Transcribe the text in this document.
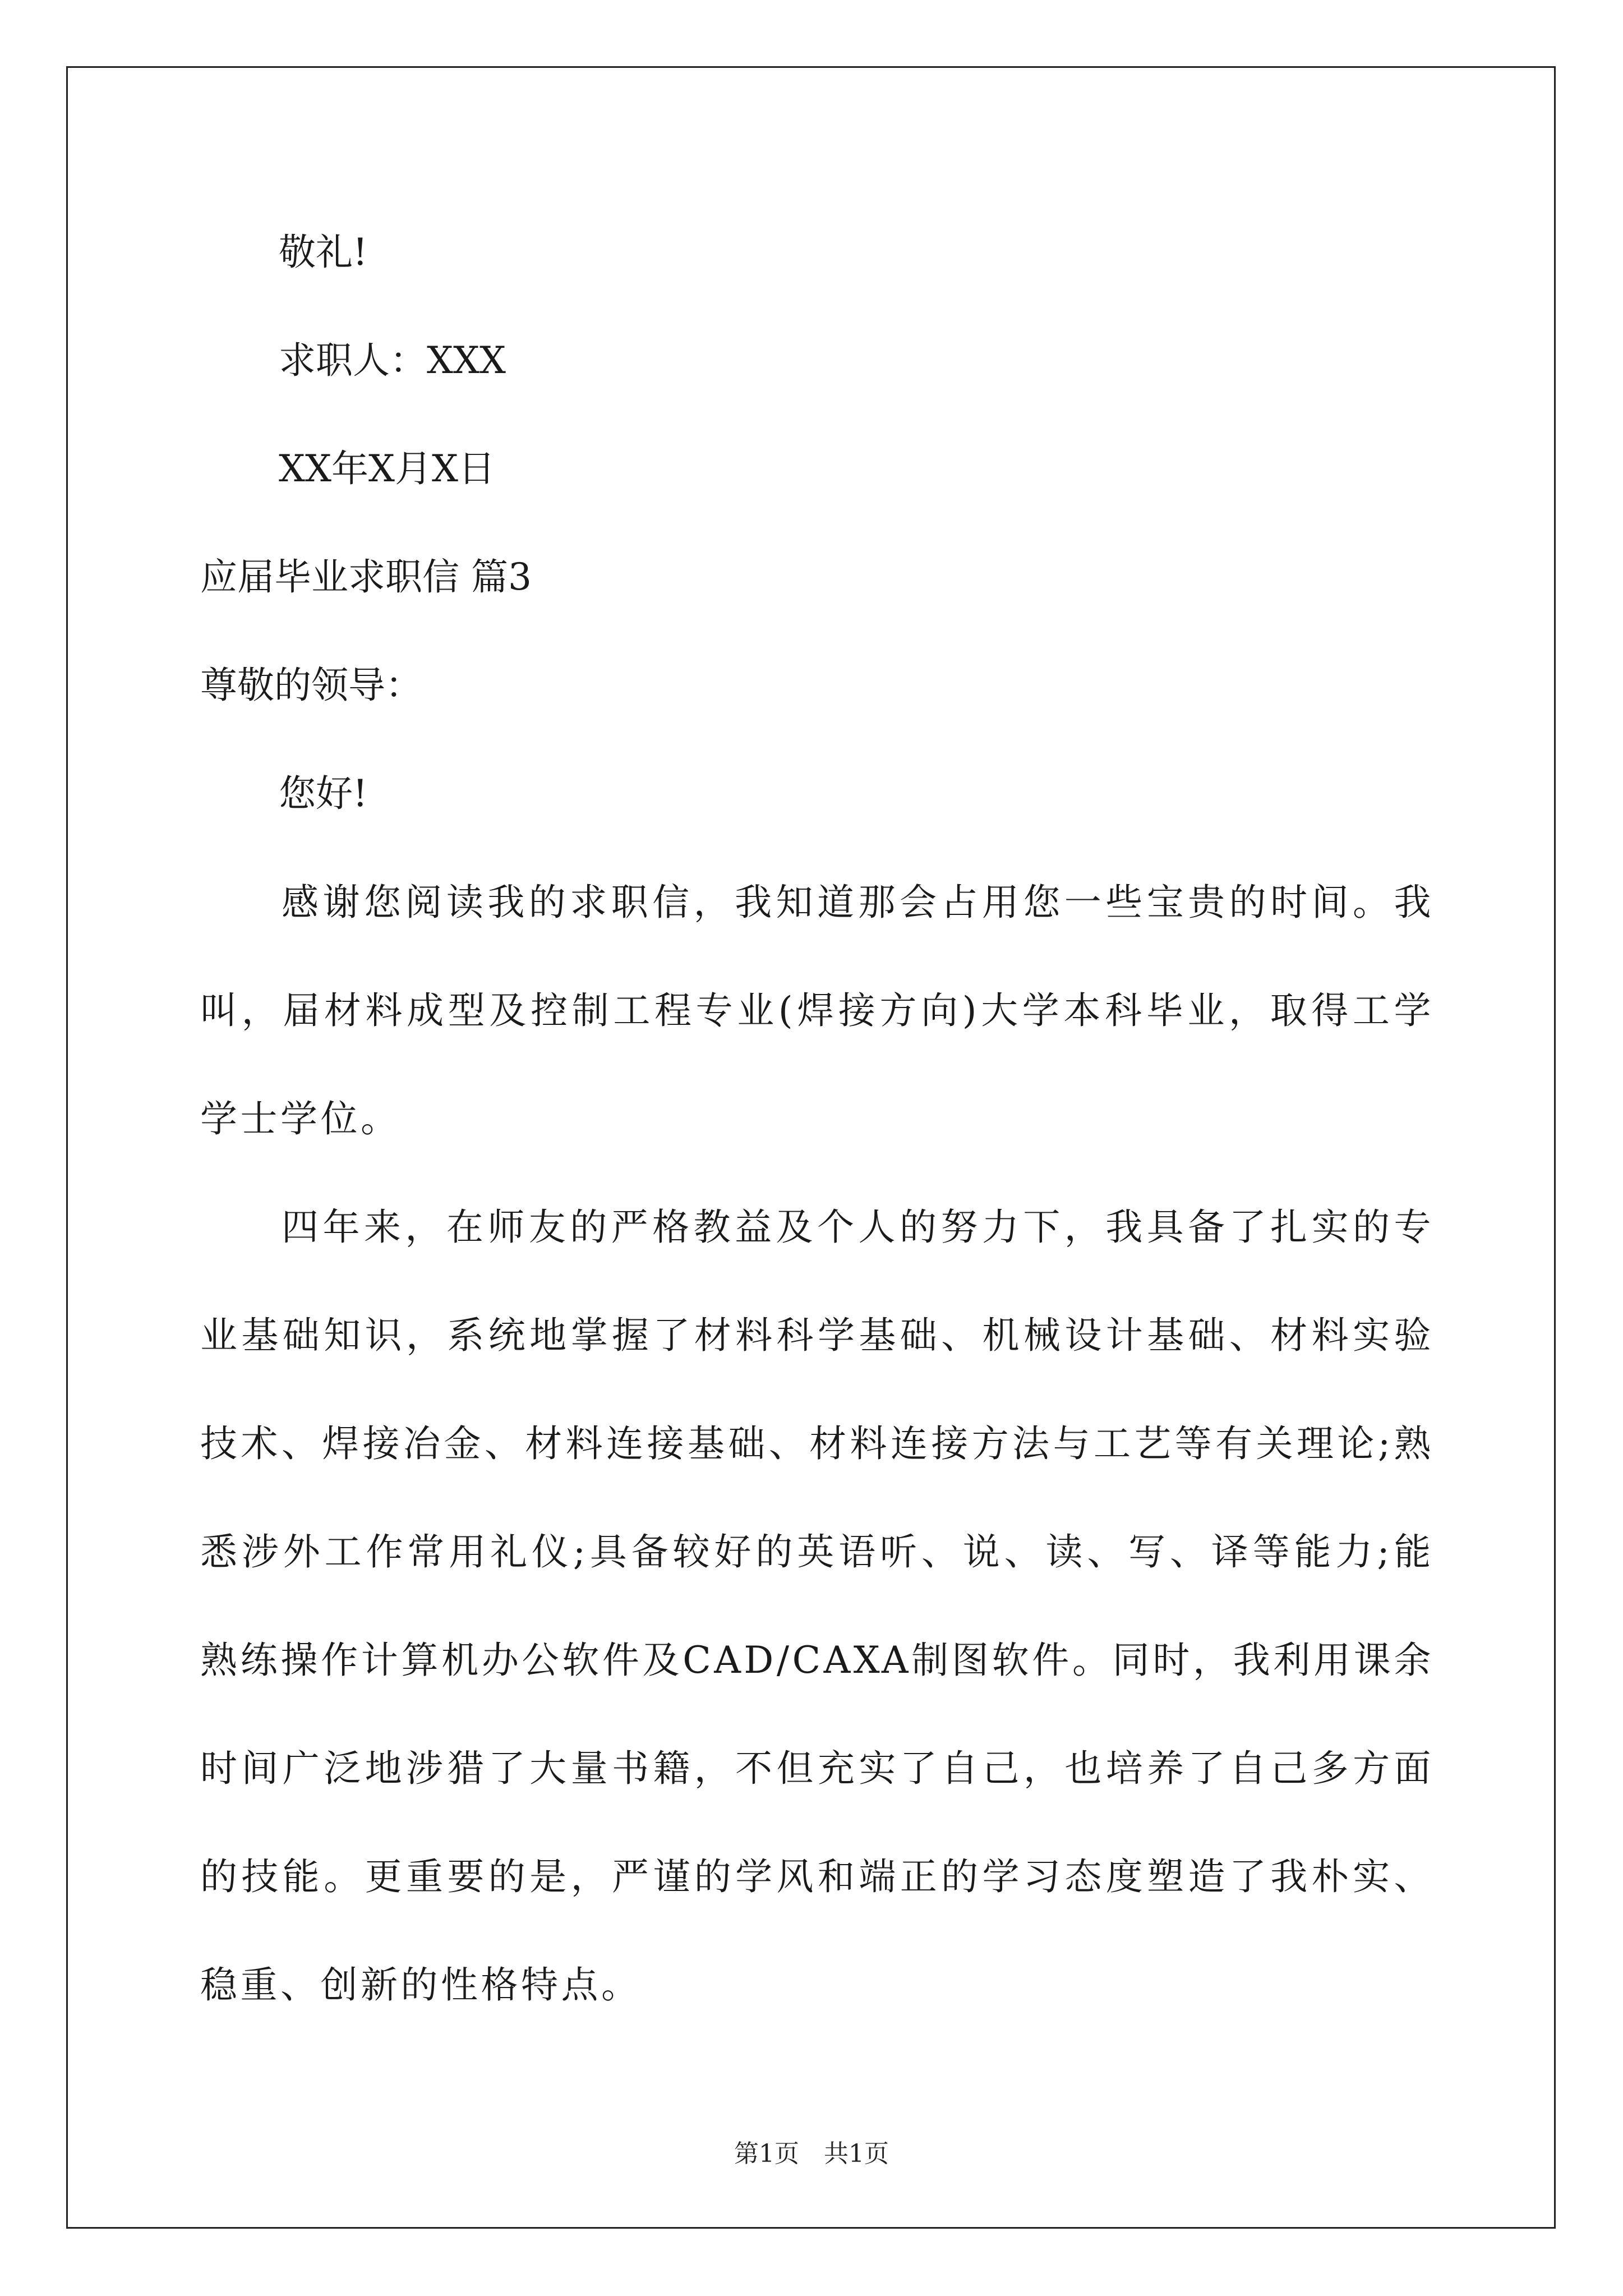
敬礼!
求职人：XXX
XX年X月X日
应届毕业求职信 篇3
尊敬的领导：
您好!
感谢您阅读我的求职信，我知道那会占用您一些宝贵的时间。我叫，届材料成型及控制工程专业(焊接方向)大学本科毕业，取得工学学士学位。
四年来，在师友的严格教益及个人的努力下，我具备了扎实的专业基础知识，系统地掌握了材料科学基础、机械设计基础、材料实验技术、焊接冶金、材料连接基础、材料连接方法与工艺等有关理论;熟悉涉外工作常用礼仪;具备较好的英语听、说、读、写、译等能力;能熟练操作计算机办公软件及CAD/CAXA制图软件。同时，我利用课余时间广泛地涉猎了大量书籍，不但充实了自己，也培养了自己多方面的技能。更重要的是，严谨的学风和端正的学习态度塑造了我朴实、稳重、创新的性格特点。
第1页　共1页
